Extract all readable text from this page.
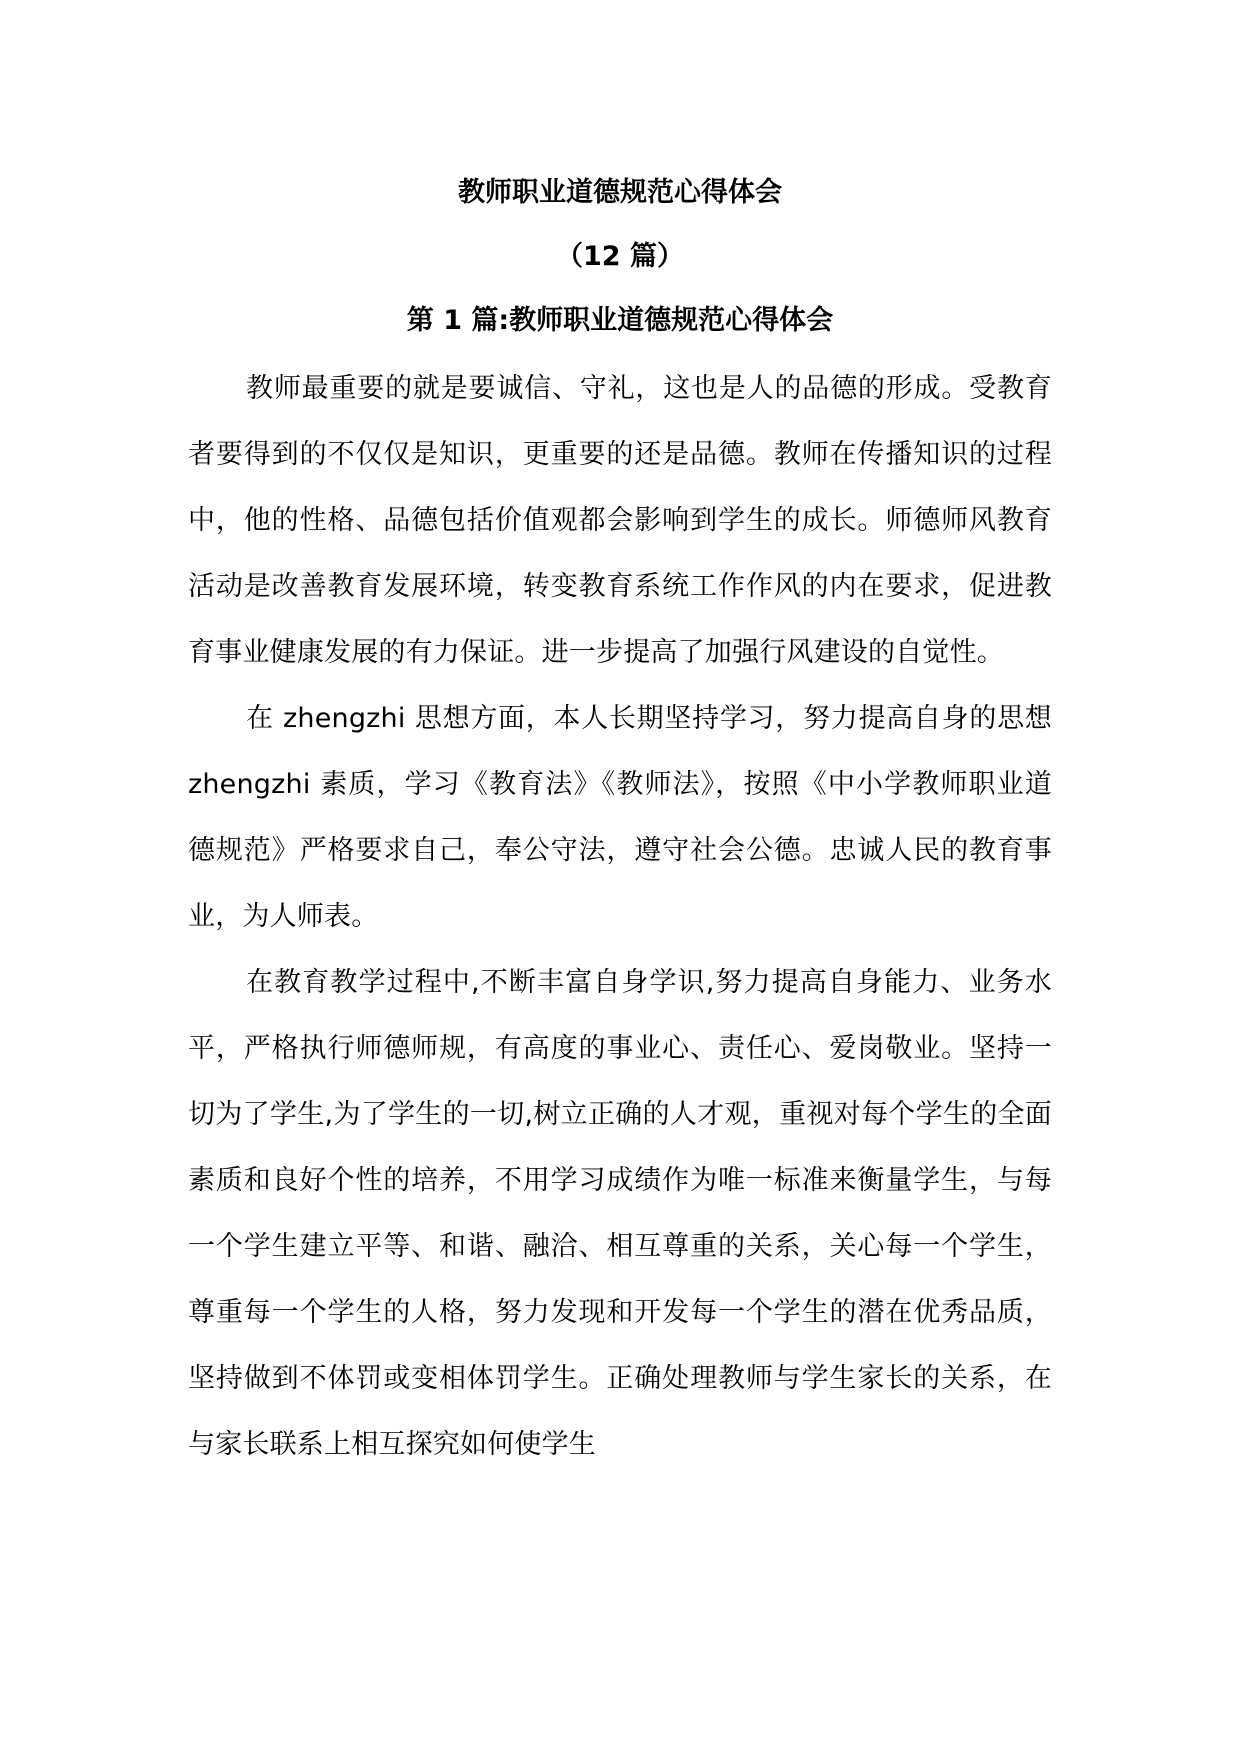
教师职业道德规范心得体会
（12 篇）
第 1 篇:教师职业道德规范心得体会

教师最重要的就是要诚信、守礼，这也是人的品德的形成。受教育者要得到的不仅仅是知识，更重要的还是品德。教师在传播知识的过程中，他的性格、品德包括价值观都会影响到学生的成长。师德师风教育活动是改善教育发展环境，转变教育系统工作作风的内在要求，促进教育事业健康发展的有力保证。进一步提高了加强行风建设的自觉性。

在 zhengzhi 思想方面，本人长期坚持学习，努力提高自身的思想 zhengzhi 素质，学习《教育法》《教师法》，按照《中小学教师职业道德规范》严格要求自己，奉公守法，遵守社会公德。忠诚人民的教育事业，为人师表。

在教育教学过程中,不断丰富自身学识,努力提高自身能力、业务水平，严格执行师德师规，有高度的事业心、责任心、爱岗敬业。坚持一切为了学生,为了学生的一切,树立正确的人才观，重视对每个学生的全面素质和良好个性的培养，不用学习成绩作为唯一标准来衡量学生，与每一个学生建立平等、和谐、融洽、相互尊重的关系，关心每一个学生，尊重每一个学生的人格，努力发现和开发每一个学生的潜在优秀品质，坚持做到不体罚或变相体罚学生。正确处理教师与学生家长的关系，在与家长联系上相互探究如何使学生
